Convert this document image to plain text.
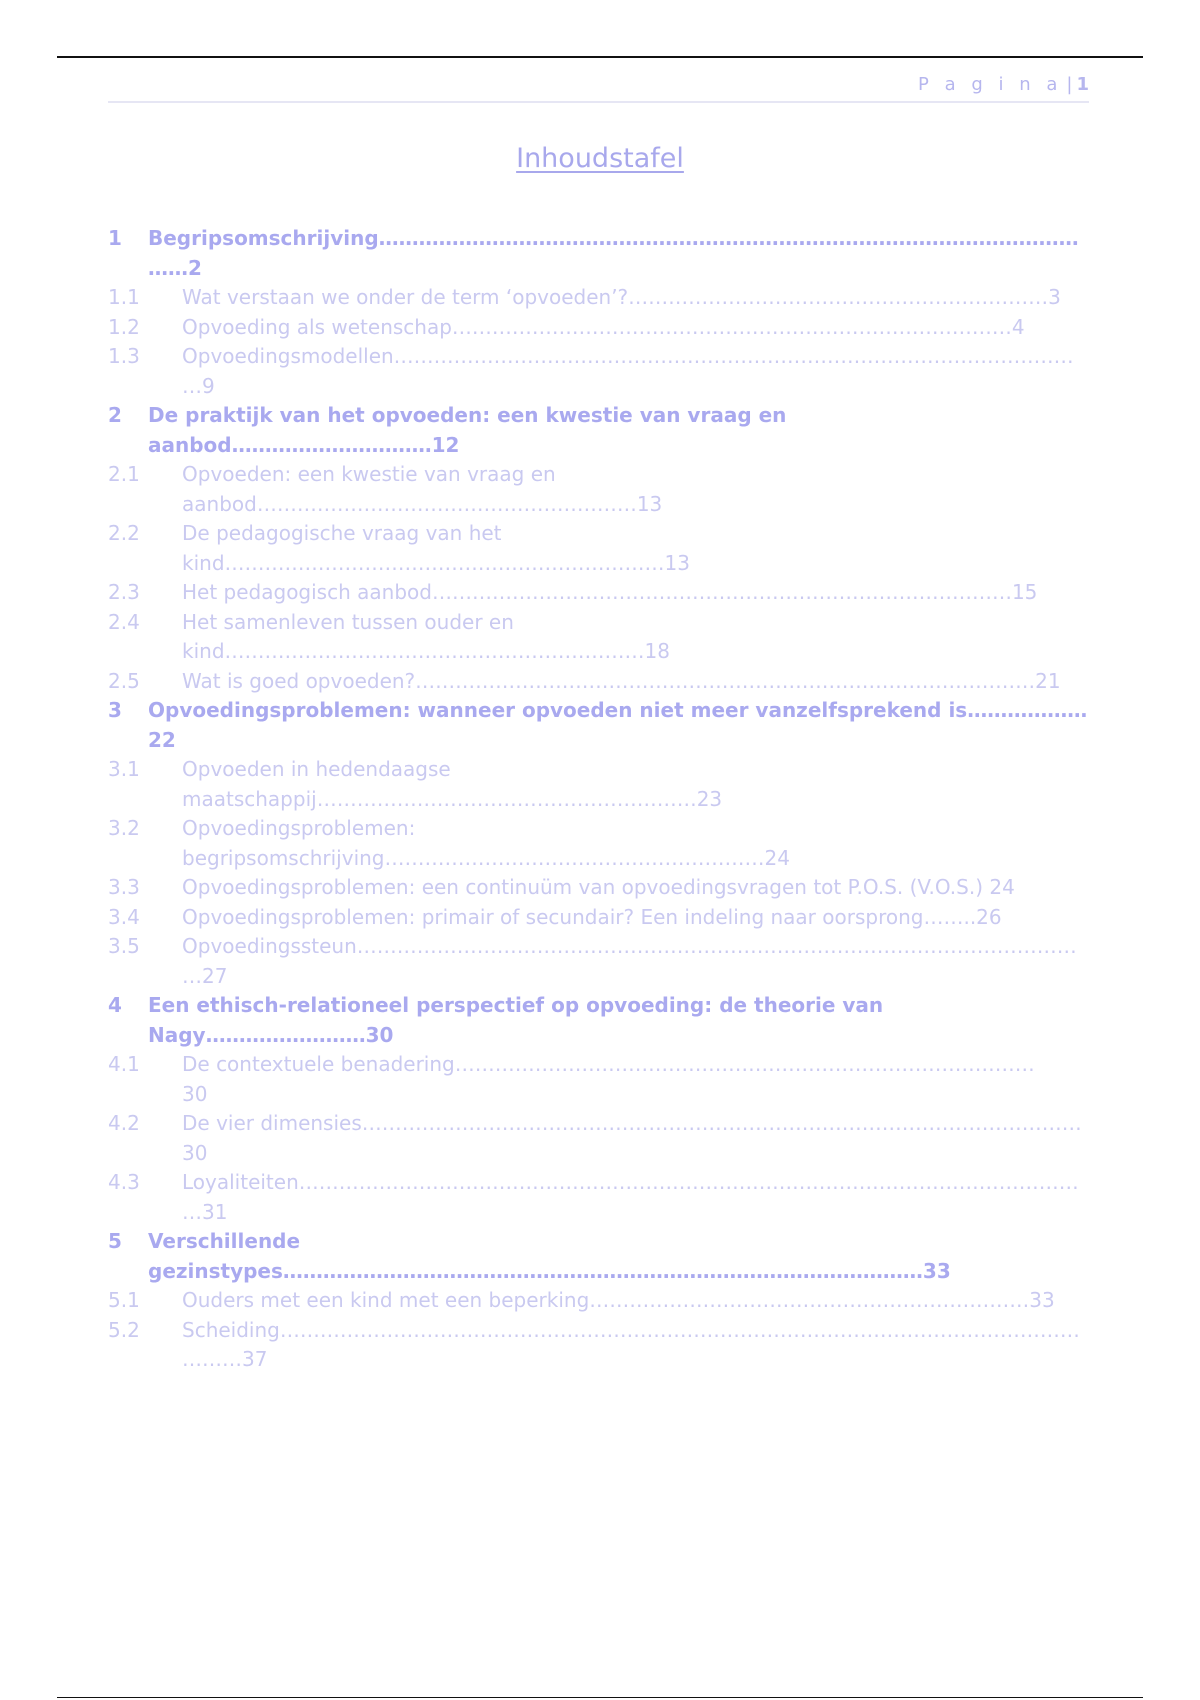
P a g i n a | 1
Inhoudstafel
1 Begripsomschrijving…………………………………………………………………………………………………2
1.1 Wat verstaan we onder de term ‘opvoeden’?………………………………………………………3
1.2 Opvoeding als wetenschap…………………………………………………………………………4
1.3 Opvoedingsmodellen……………………………………………………………………………………………9
2 De praktijk van het opvoeden: een kwestie van vraag en aanbod…………………………12
2.1 Opvoeden: een kwestie van vraag en aanbod…………………………………………………13
2.2 De pedagogische vraag van het kind…………………………………………………………13
2.3 Het pedagogisch aanbod……………………………………………………………………………15
2.4 Het samenleven tussen ouder en kind………………………………………………………18
2.5 Wat is goed opvoeden?…………………………………………………………………………………21
3 Opvoedingsproblemen: wanneer opvoeden niet meer vanzelfsprekend is………………22
3.1 Opvoeden in hedendaagse maatschappij…………………………………………………23
3.2 Opvoedingsproblemen: begripsomschrijving…………………………………………………24
3.3 Opvoedingsproblemen: een continuüm van opvoedingsvragen tot P.O.S. (V.O.S.) 24
3.4 Opvoedingsproblemen: primair of secundair? Een indeling naar oorsprong……..26
3.5 Opvoedingssteun…………………………………………………………………………………………………27
4 Een ethisch-relationeel perspectief op opvoeding: de theorie van Nagy……………………30
4.1 De contextuele benadering……………………………………………………………………………30
4.2 De vier dimensies………………………………………………………………………………………………30
4.3 Loyaliteiten…………………………………………………………………………………………………………31
5 Verschillende gezinstypes……………………………………………………………………………………33
5.1 Ouders met een kind met een beperking…………………………………………………………33
5.2 Scheiding…………………………………………………………………………………………………………………37
